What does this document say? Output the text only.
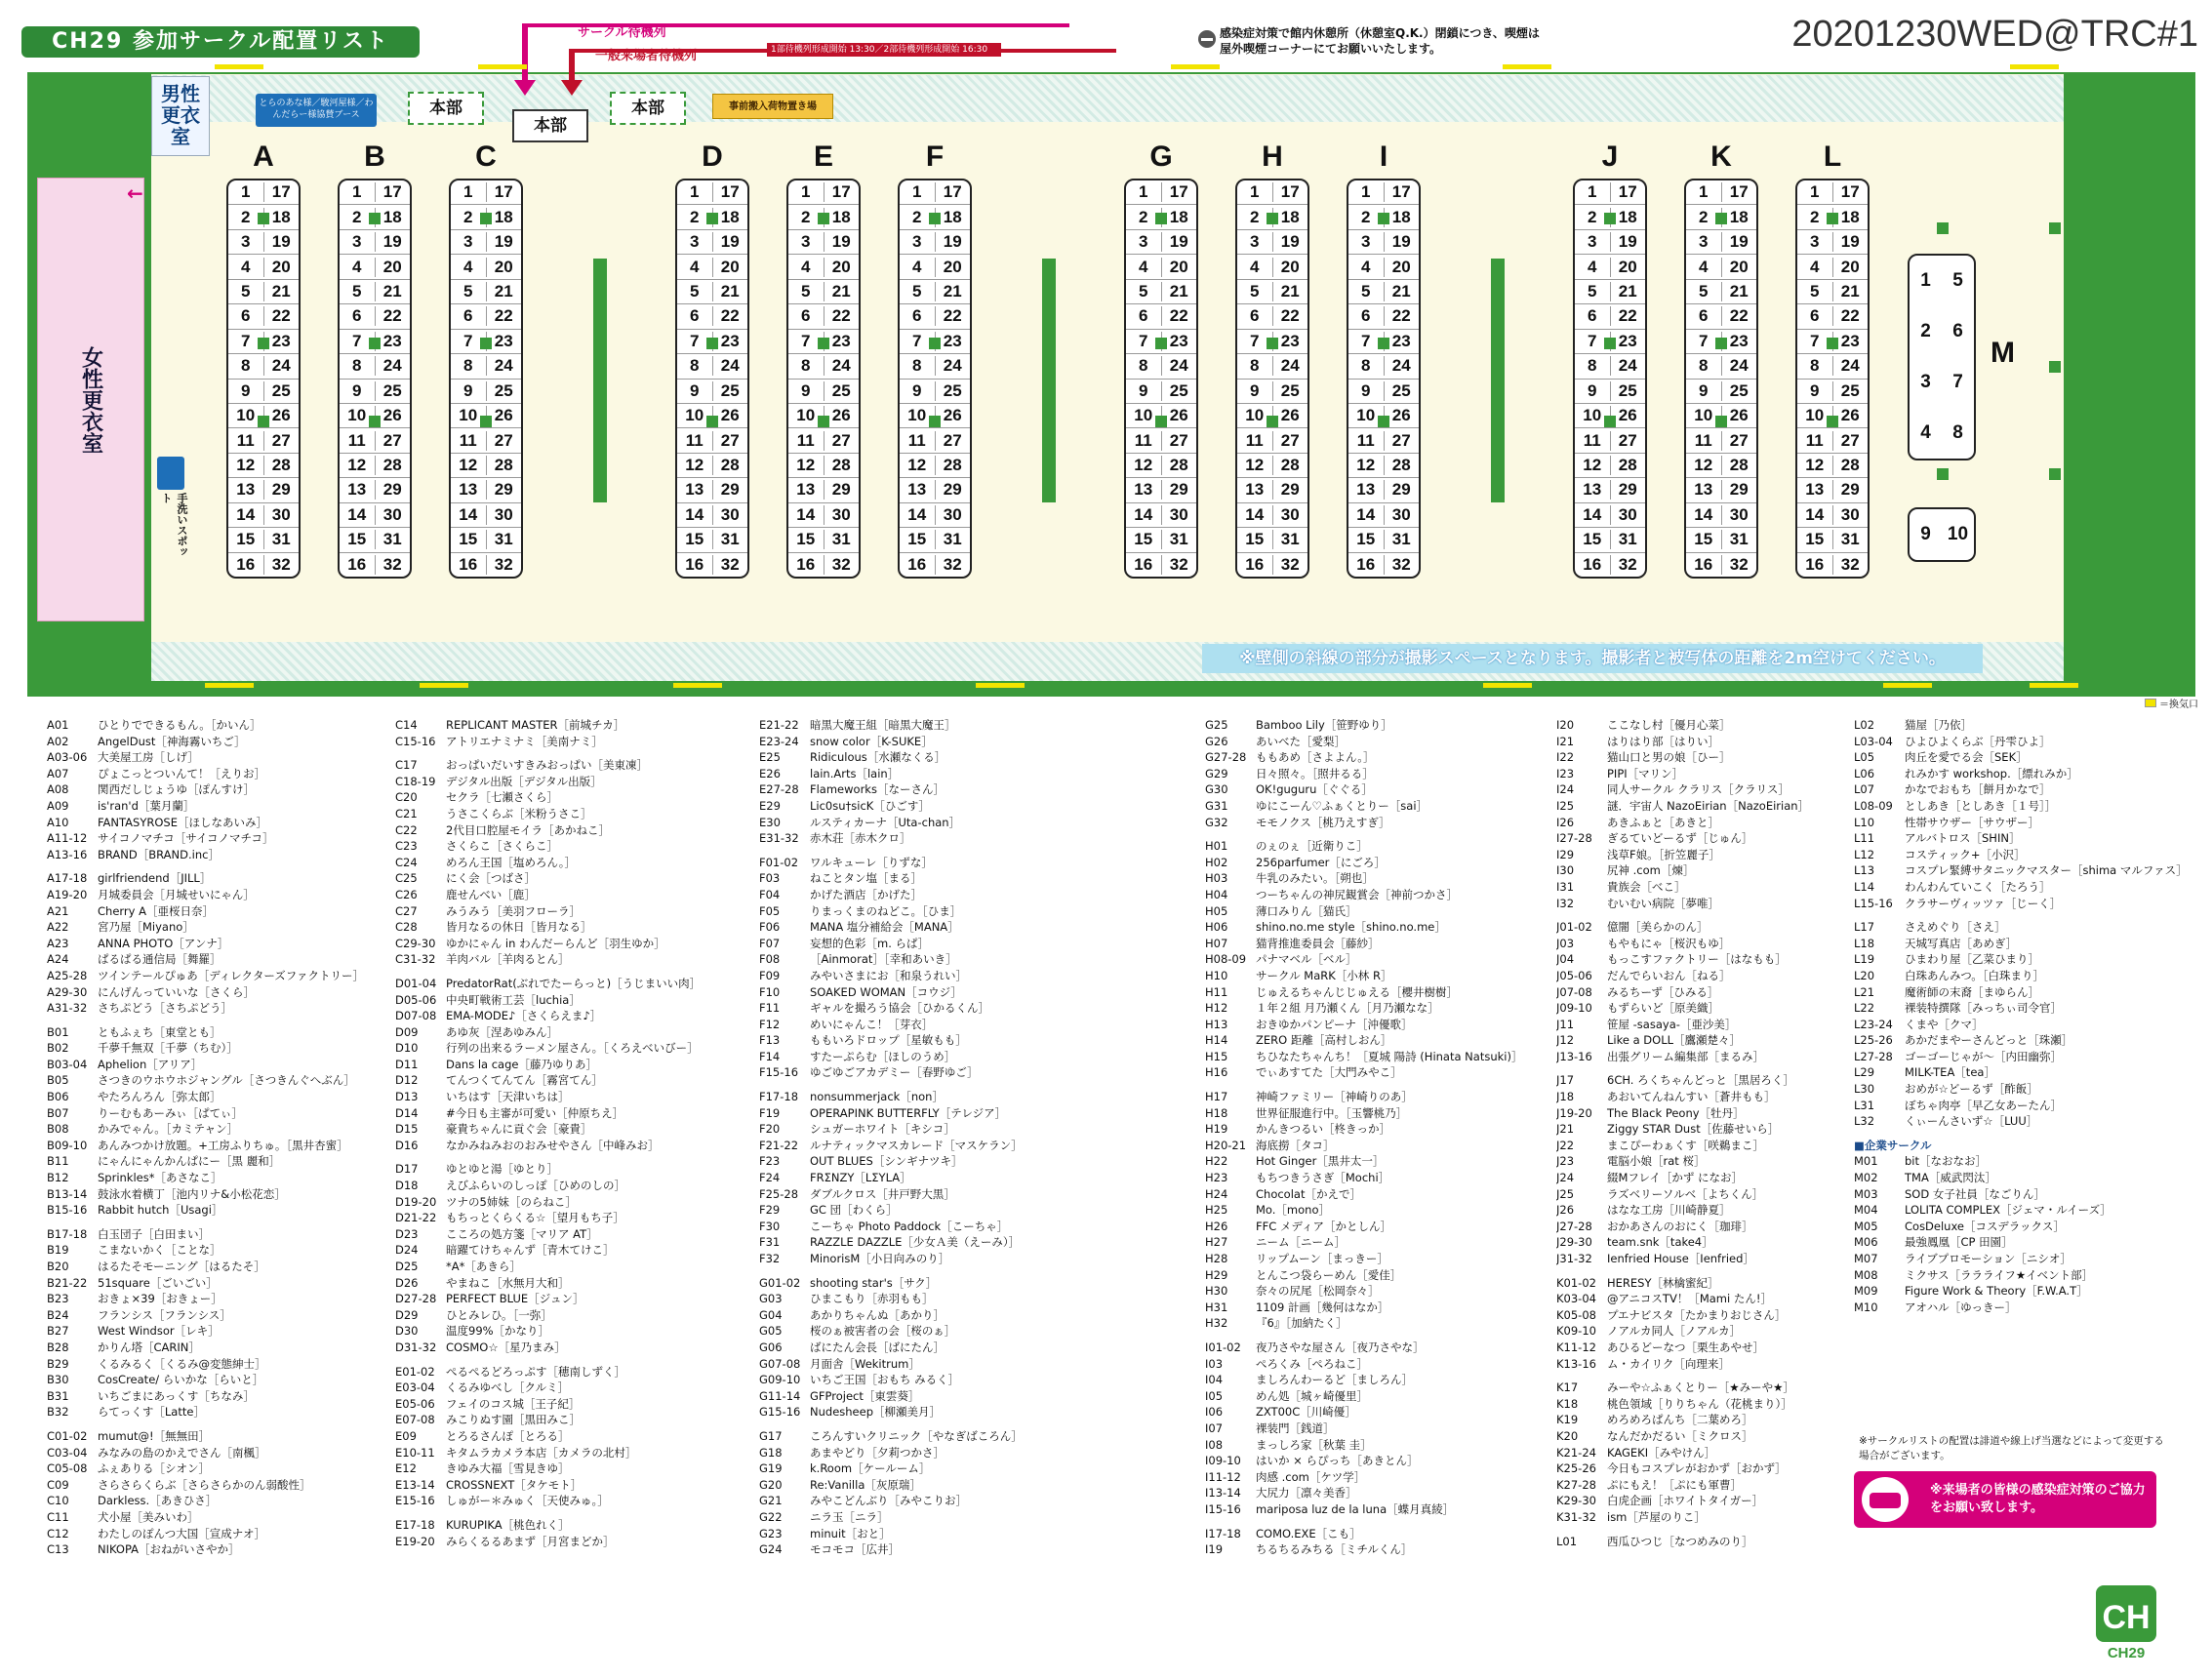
CH29 参加サークル配置リスト	20201230WED@TRC#1
感染症対策で館内休憩所（休憩室Q.K.）閉鎖につき、喫煙は屋外喫煙コーナーにてお願いいたします。
サークル待機列
一般来場者待機列	1部待機列形成開始 13:30／2部待機列形成開始 16:30
男性更衣室
女性更衣室
←
手洗いスポット
とらのあな様／駿河屋様／わんだらー様協賛ブース	本部
本部
本部	事前搬入荷物置き場
A
1	17
2	18
3	19
4	20
5	21
6	22
7	23
8	24
9	25
10	26
11	27
12	28
13	29
14	30
15	31
16	32
B
1	17
2	18
3	19
4	20
5	21
6	22
7	23
8	24
9	25
10	26
11	27
12	28
13	29
14	30
15	31
16	32
C
1	17
2	18
3	19
4	20
5	21
6	22
7	23
8	24
9	25
10	26
11	27
12	28
13	29
14	30
15	31
16	32
D
1	17
2	18
3	19
4	20
5	21
6	22
7	23
8	24
9	25
10	26
11	27
12	28
13	29
14	30
15	31
16	32
E
1	17
2	18
3	19
4	20
5	21
6	22
7	23
8	24
9	25
10	26
11	27
12	28
13	29
14	30
15	31
16	32
F
1	17
2	18
3	19
4	20
5	21
6	22
7	23
8	24
9	25
10	26
11	27
12	28
13	29
14	30
15	31
16	32
G
1	17
2	18
3	19
4	20
5	21
6	22
7	23
8	24
9	25
10	26
11	27
12	28
13	29
14	30
15	31
16	32
H
1	17
2	18
3	19
4	20
5	21
6	22
7	23
8	24
9	25
10	26
11	27
12	28
13	29
14	30
15	31
16	32
I
1	17
2	18
3	19
4	20
5	21
6	22
7	23
8	24
9	25
10	26
11	27
12	28
13	29
14	30
15	31
16	32
J
1	17
2	18
3	19
4	20
5	21
6	22
7	23
8	24
9	25
10	26
11	27
12	28
13	29
14	30
15	31
16	32
K
1	17
2	18
3	19
4	20
5	21
6	22
7	23
8	24
9	25
10	26
11	27
12	28
13	29
14	30
15	31
16	32
L
1	17
2	18
3	19
4	20
5	21
6	22
7	23
8	24
9	25
10	26
11	27
12	28
13	29
14	30
15	31
16	32
M
1	5
2	6
3	7
4	8
9 10
※壁側の斜線の部分が撮影スペースとなります。撮影者と被写体の距離を2m空けてください。
＝換気口
A01	ひとりでできるもん。［かいん］
A02	AngelDust［神海霧いちご］
A03-06 大美屋工房［しげ］
A07	ぴょこっとついんて！［えりお］
A08	関西だしじょうゆ［ぽんすけ］
A09	is'ran'd［葉月蘭］
A10	FANTASYROSE［ほしなあいみ］
A11-12 サイコノマチコ［サイコノマチコ］
A13-16 BRAND［BRAND.inc］
A17-18 girlfriendend［JILL］
A19-20 月城委員会［月城せいにゃん］
A21	Cherry A［亜桜日奈］
A22	宮乃屋［Miyano］
A23	ANNA PHOTO［アンナ］
A24	ぱるぱる通信局［舞羅］
A25-28 ツインテールぴゅあ［ディレクターズファクトリー］
A29-30 にんげんっていいな［さくら］
A31-32 さちぷどう［さちぷどう］
B01	ともふぇち［東堂とも］
B02	千夢千無双［千夢（ちむ）］
B03-04 Aphelion［アリア］
B05	さつきのウホウホジャングル［さつきんぐへぶん］
B06	やたろんろん［弥太郎］
B07	りーむもあーみぃ［ぱてぃ］
B08	かみでゃん。［カミテャン］
B09-10 あんみつかけ放題。+工房ふりちゅ。［黒井杏蜜］
B11	にゃんにゃんかんぱにー［黒 麗和］
B12	Sprinkles*［あさなこ］
B13-14 鼓泳水着横丁［池内リナ&小松花恋］
B15-16 Rabbit hutch［Usagi］
B17-18 白玉団子［白田まい］
B19	こまないかく［ことな］
B20	はるたそモーニング［はるたそ］
B21-22 51square［ごいごい］
B23	おきょ×39［おきょー］
B24	フランシス［フランシス］
B27	West Windsor［レキ］
B28	かりん塔［CARIN］
B29	くるみるく［くるみ@変態紳士］
B30	CosCreate/ らいかな［らいと］
B31	いちごまにあっくす［ちなみ］
B32	らてっくす［Latte］
C01-02 mumut@!［無無田］
C03-04 みなみの島のかえでさん［南楓］
C05-08 ふぇありる［シオン］
C09	さらさらくらぶ［さらさらかのん弱酸性］
C10	Darkless.［あきひさ］
C11	犬小屋［美みいわ］
C12	わたしのぽんつ大国［宣成ナオ］
C13	NIKOPA［おねがいさやか］
C14	REPLICANT MASTER［前城チカ］
C15-16 アトリエナミナミ［美南ナミ］
C17	おっぱいだいすきみおっぱい［美東凍］
C18-19 デジタル出版［デジタル出版］
C20	セクラ［七瀬さくら］
C21	うさこくらぶ［米粉うさこ］
C22	2代目口腔屋モイラ［あかねこ］
C23	さくらこ［さくらこ］
C24	めろん王国［塩めろん。］
C25	にく会［つばさ］
C26	鹿せんべい［鹿］
C27	みうみう［美羽フローラ］
C28	皆月なるの休日［皆月なる］
C29-30 ゆかにゃん in わんだーらんど［羽生ゆか］
C31-32 羊肉バル［羊肉るとん］
D01-04 PredatorRat(ぶれでたーらっと)［うじまいい肉］
D05-06 中央町戦術工芸［luchia］
D07-08 EMA-MODE♪［さくらえま♪］
D09 あゆ灰［涅あゆみん］
D10 行列の出来るラーメン屋さん。［くろえべいびー］
D11 Dans la cage［藤乃ゆりあ］
D12 てんつくてんてん［霧宮てん］
D13 いちはす［天津いちは］
D14 #今日も主審が可愛い［仲原ちえ］
D15 豪貴ちゃんに貢ぐ会［豪貴］
D16 なかみねみおのおみせやさん［中峰みお］
D17 ゆとゆと湯［ゆとり］
D18 えびふらいのしっぽ［ひめのしの］
D19-20 ツナの5姉妹［のらねこ］
D21-22 もちっとくらくる☆［望月もち子］
D23 こころの処方箋［マリア AT］
D24 暗躍てけちゃんず［青木てけこ］
D25 *A*［あきら］
D26 やまねこ［水無月大和］
D27-28 PERFECT BLUE［ジュン］
D29 ひとみレひ。［一弥］
D30 温度99%［かなり］
D31-32 COSMO☆［星乃まみ］
E01-02 ぺるぺるどろっぷす［穂南しずく］
E03-04 くるみゆべし［クルミ］
E05-06 フェイのコス城［王子紀］
E07-08 みこりぬす園［黒田みこ］
E09	とろるさんぽ［とろる］
E10-11 キタムラカメラ本店［カメラの北村］
E12	きゆみ大福［雪見きゆ］
E13-14 CROSSNEXT［タケモト］
E15-16 しゅがー＊みゅく［天使みゅ。］
E17-18 KURUPIKA［桃色れく］
E19-20 みらくるるあまず［月宮まどか］
E21-22 暗黒大魔王組［暗黒大魔王］
E23-24 snow color［K-SUKE］
E25	Ridiculous［水瀬なくる］
E26	lain.Arts［lain］
E27-28 Flameworks［なーさん］
E29	Lic0su†sicK［ひごす］
E30	ルスティカーナ［Uta-chan］
E31-32 赤木荘［赤木クロ］
F01-02 ワルキューレ［りずな］
F03	ねことタン塩［まる］
F04	かげた酒店［かげた］
F05	りまっくまのねどこ。［ひま］
F06	MANA 塩分補給会［MANA］
F07	妄想的色彩［m. らぱ］
F08	［Ainmorat］［幸和あいき］
F09	みやいさまにお［和泉うれい］
F10	SOAKED WOMAN［コウジ］
F11	ギャルを撮ろう協会［ひかるくん］
F12	めいにゃんこ！［芽衣］
F13	ももいろドロップ［星敏もも］
F14	すたーぷらむ［ほしのうめ］
F15-16 ゆごゆごアカデミー［春野ゆご］
F17-18 nonsummerjack［non］
F19	OPERAPINK BUTTERFLY［テレジア］
F20	シュガーホワイト［キシコ］
F21-22 ルナティックマスカレード［マスケラン］
F23	OUT BLUES［シンギナツキ］
F24	FRΣNZY［LΣYLA］
F25-28 ダブルクロス［井戸野大黒］
F29	GC 団［わくら］
F30	こーちゃ Photo Paddock［こーちゃ］
F31	RAZZLE DAZZLE［少女Ａ美（えーみ）］
F32	MinorisM［小日向みのり］
G01-02 shooting star's［サク］
G03 ひまこもり［赤羽もも］
G04 あかりちゃんぬ［あかり］
G05 桜のぁ被害者の会［桜のぁ］
G06 ばにたん会長［ばにたん］
G07-08 月面舎［Wekitrum］
G09-10 いちご王国［おもち みるく］
G11-14 GFProject［東雲葵］
G15-16 Nudesheep［柳瀬美月］
G17 ころんすいクリニック［やなぎばころん］
G18 あまやどり［夕莉つかさ］
G19 k.Room［ケールーム］
G20 Re:Vanilla［灰原瑞］
G21 みやこどんぶり［みやこりお］
G22 ニラ玉［ニラ］
G23 minuit［おと］
G24 モコモコ［広井］
G25 Bamboo Lily［笹野ゆり］
G26 あいべた［愛梨］
G27-28 ももあめ［さよよん。］
G29 日々照々。［照井るる］
G30 OK!guguru［ぐぐる］
G31 ゆにこーん♡ふぁくとりー［sai］
G32 モモノクス［桃乃えすぎ］
H01 のぇのぇ［近衛りこ］
H02 256parfumer［にごろ］
H03 牛乳のみたい。［朔也］
H04 つーちゃんの神尻観賞会［神前つかさ］
H05 薄口みりん［猫氏］
H06 shino.no.me style［shino.no.me］
H07 猫背推進委員会［藤紗］
H08-09 パナマベル［ベル］
H10 サークル MaRK［小林 R］
H11 じゅえるちゃんじじゅえる［櫻井樹樹］
H12 １年２組 月乃瀬くん［月乃瀬なな］
H13 おきゆかパンピーナ［沖優歌］
H14 ZERO 距離［高村しおん］
H15 ちひなたちゃんち！［夏城 陽詩 (Hinata Natsuki)］
H16 でぃあすてた［大門みやこ］
H17 神崎ファミリー［神崎りのあ］
H18 世界征服進行中。［玉響桃乃］
H19 かんきつるい［柊きっか］
H20-21 海底撈［タコ］
H22 Hot Ginger［黒井太一］
H23 もちつきうさぎ［Mochi］
H24 Chocolat［かえで］
H25 Mo.［mono］
H26 FFC メディア［かとしん］
H27 ニーム［ニーム］
H28 リップムーン［まっきー］
H29 とんこつ袋らーめん［愛佳］
H30 奈々の尻尾［松岡奈々］
H31 1109 計画［幾何はなか］
H32 『6』［加納たく］
I01-02 夜乃さやな屋さん［夜乃さやな］
I03	ぺろくみ［ぺろねこ］
I04	ましろんわーるど［ましろん］
I05	めん処［城ヶ崎優里］
I06	ZXT00C［川崎優］
I07	裸装門［銭道］
I08	まっしろ家［秋葉 圭］
I09-10 はいか × らぴっち［あきとん］
I11-12 肉感 .com［ケツ学］
I13-14 大尻力［凛々美香］
I15-16 mariposa luz de la luna［蝶月真綾］
I17-18 COMO.EXE［こも］
I19	ちるちるみちる［ミチルくん］
I20	ここなし村［優月心菜］
I21	はりはり部［はりい］
I22	猫山口と男の娘［ひー］
I23	PIPI［マリン］
I24	同人サークル クラリス［クラリス］
I25	謎．宇宙人 NazoEirian［NazoEirian］
I26	あきふぁと［あきと］
I27-28 ぎるていどーるず［じゅん］
I29	浅草F娘。［折笠麗子］
I30	尻神 .com［煉］
I31	貴族会［べこ］
I32	むいむい病院［夢唯］
J01-02 億闇［美らかのん］
J03	もやもにゃ［桜沢もゆ］
J04	もっこすファクトリー［はなもも］
J05-06 だんでらいおん［ねる］
J07-08 みるちーず［ひみる］
J09-10 もずらいど［原美織］
J11	笹屋 -sasaya-［亜沙美］
J12	Like a DOLL［鷹瀬楚々］
J13-16 出張グリーム編集部［まるみ］
J17	6CH. ろくちゃんどっと［黒居ろく］
J18	あおいてんねんすい［蒼井もも］
J19-20 The Black Peony［牡丹］
J21	Ziggy STAR Dust［佐藤せいら］
J22	まこぴーわぁくす［咲鵜まこ］
J23	電脳小娘［rat 桜］
J24	綴Mフレイ［かず になお］
J25	ラズベリーソルベ［よちくん］
J26	はなな工房［川崎静夏］
J27-28 おかあさんのおにく［珈琲］
J29-30 team.snk［take4］
J31-32 Ienfried House［Ienfried］
K01-02 HERESY［林檎蜜紀］
K03-04 @アニコスTV！［Mami たん!］
K05-08 プエナビスタ［たかまりおじさん］
K09-10 ノアルカ同人［ノアルカ］
K11-12 あひるどーなつ［栗生あやせ］
K13-16 ム・カイリク［向理来］
K17	みーや☆ふぁくとりー［★みーや★］
K18	桃色領域［りりちゃん（花桃まり）］
K19	めろめろぱんち［二葉めろ］
K20	なんだかだるい［ミクロス］
K21-24 KAGEKI［みやけん］
K25-26 今日もコスプレがおかず［おかず］
K27-28 ぷにもえ！［ぷにも軍曹］
K29-30 白虎企画［ホワイトタイガー］
K31-32 ism［芦屋のりこ］
L01	西瓜ひつじ［なつめみのり］
L02	猫屋［乃依］
L03-04 ひよひよくらぶ［丹雫ひよ］
L05	肉丘を愛でる会［SEK］
L06	れみかす workshop.［縹れみか］
L07	かなでおもち［餅月かなで］
L08-09 としあき［としあき［１号］］
L10	性帯サウザー［サウザー］
L11	アルバトロス［SHIN］
L12	コスティック+［小沢］
L13	コスプレ緊縛サタニックマスター［shima マルファス］
L14	わんわんていこく［たろう］
L15-16 クラサーヴィッツァ［じーく］
L17	さえめぐり［さえ］
L18	天城写真店［あめぎ］
L19	ひまわり屋［乙菜ひまり］
L20	白珠あんみつ。［白珠まり］
L21	魔術師の末裔［まゆらん］
L22	裸装特撰隊［みっちぃ司令官］
L23-24 くまや［クマ］
L25-26 あかだまやーさんどっと［珠瀬］
L27-28 ゴーゴーじゃが〜［内田幽弥］
L29	MILK-TEA［tea］
L30	おめが☆どーるず［酢飯］
L31	ぼちゃ肉亭［早乙女あーたん］
L32	くぃーんさいず☆［LUU］
■企業サークル
M01 bit［なおなお］
M02 TMA［威武閃汰］
M03 SOD 女子社員［なごりん］
M04 LOLITA COMPLEX［ジェマ・ルイーズ］
M05 CosDeluxe［コスデラックス］
M06 最強鳳凰［CP 田園］
M07 ライブプロモーション［ニシオ］
M08 ミクサス［ララライフ★イベント部］
M09 Figure Work & Theory［F.W.A.T］
M10 アオハル［ゆっきー］
※サークルリストの配置は誹道や線上げ当選などによって変更する場合がございます。
※来場者の皆様の感染症対策のご協力をお願い致します。
CH
CH29
